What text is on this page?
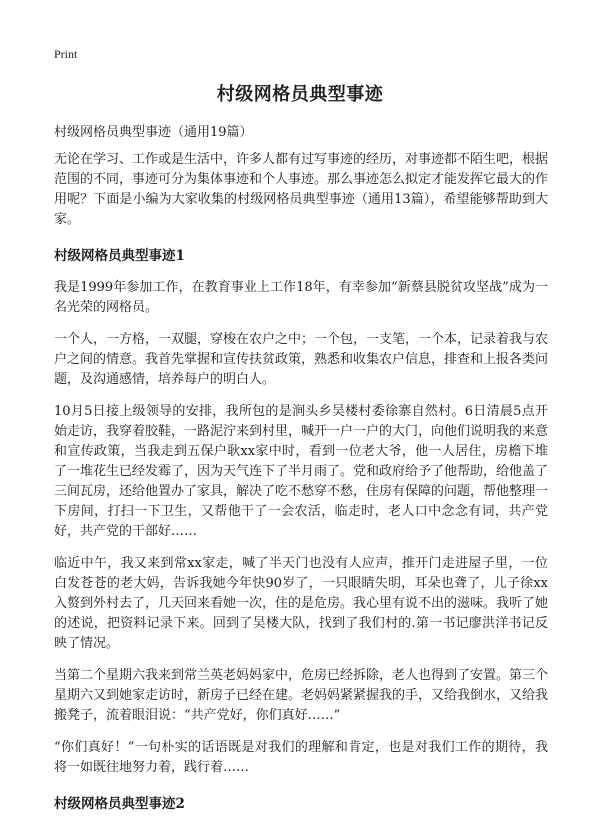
Print
村级网格员典型事迹
村级网格员典型事迹（通用19篇）

无论在学习、工作或是生活中，许多人都有过写事迹的经历，对事迹都不陌生吧，根据范围的不同，事迹可分为集体事迹和个人事迹。那么事迹怎么拟定才能发挥它最大的作用呢？下面是小编为大家收集的村级网格员典型事迹（通用13篇），希望能够帮助到大家。

村级网格员典型事迹1

我是1999年参加工作，在教育事业上工作18年，有幸参加“新蔡县脱贫攻坚战”成为一名光荣的网格员。

一个人，一方格，一双腿，穿梭在农户之中；一个包，一支笔，一个本，记录着我与农户之间的情意。我首先掌握和宣传扶贫政策，熟悉和收集农户信息，排查和上报各类问题，及沟通感情，培养每户的明白人。

10月5日接上级领导的安排，我所包的是涧头乡吴楼村委徐寨自然村。6日清晨5点开始走访，我穿着胶鞋，一路泥泞来到村里，喊开一户一户的大门，向他们说明我的来意和宣传政策，当我走到五保户耿xx家中时，看到一位老大爷，他一人居住，房檐下堆了一堆花生已经发霉了，因为天气连下了半月雨了。党和政府给予了他帮助，给他盖了三间瓦房，还给他置办了家具，解决了吃不愁穿不愁，住房有保障的问题，帮他整理一下房间，打扫一下卫生，又帮他干了一会农活，临走时，老人口中念念有词，共产党好，共产党的干部好……

临近中午，我又来到常xx家走，喊了半天门也没有人应声，推开门走进屋子里，一位白发苍苍的老大妈，告诉我她今年快90岁了，一只眼睛失明，耳朵也聋了，儿子徐xx入赘到外村去了，几天回来看她一次，住的是危房。我心里有说不出的滋味。我听了她的述说，把资料记录下来。回到了吴楼大队，找到了我们村的.第一书记廖洪洋书记反映了情况。

当第二个星期六我来到常兰英老妈妈家中，危房已经拆除，老人也得到了安置。第三个星期六又到她家走访时，新房子已经在建。老妈妈紧紧握我的手，又给我倒水，又给我搬凳子，流着眼泪说：“共产党好，你们真好……”

“你们真好！”一句朴实的话语既是对我们的理解和肯定，也是对我们工作的期待，我将一如既往地努力着，践行着……

村级网格员典型事迹2
